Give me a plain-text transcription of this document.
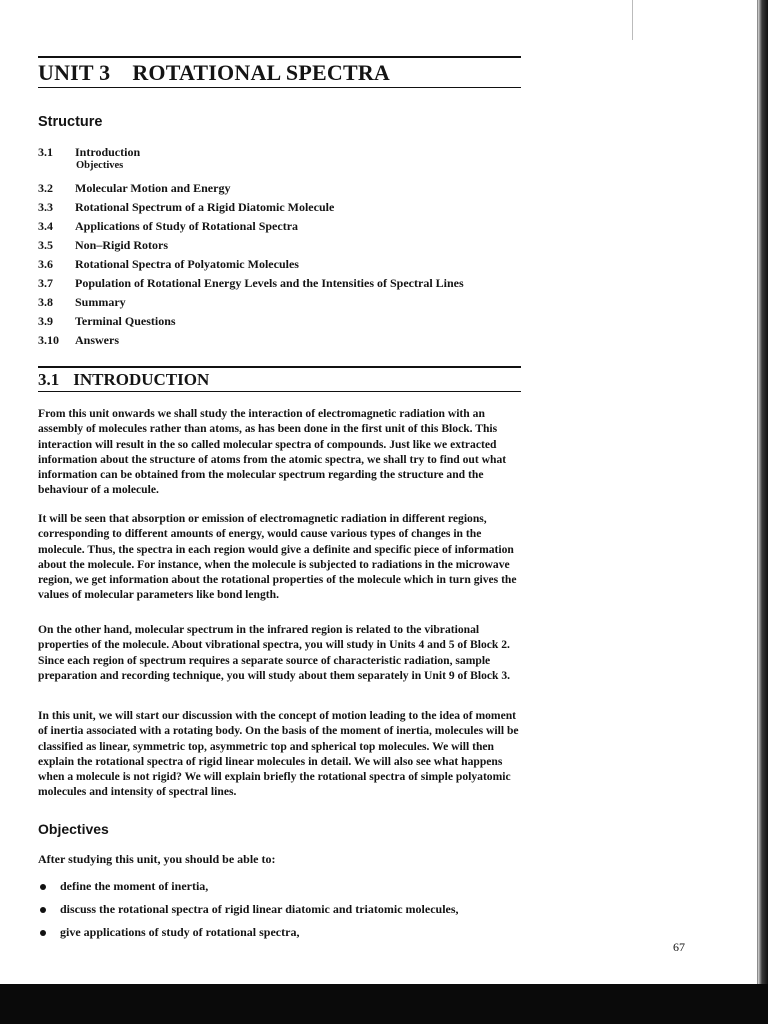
UNIT 3 ROTATIONAL SPECTRA
Structure
3.1 Introduction
Objectives
3.2 Molecular Motion and Energy
3.3 Rotational Spectrum of a Rigid Diatomic Molecule
3.4 Applications of Study of Rotational Spectra
3.5 Non–Rigid Rotors
3.6 Rotational Spectra of Polyatomic Molecules
3.7 Population of Rotational Energy Levels and the Intensities of Spectral Lines
3.8 Summary
3.9 Terminal Questions
3.10 Answers
3.1 INTRODUCTION

From this unit onwards we shall study the interaction of electromagnetic radiation with an assembly of molecules rather than atoms, as has been done in the first unit of this Block. This interaction will result in the so called molecular spectra of compounds. Just like we extracted information about the structure of atoms from the atomic spectra, we shall try to find out what information can be obtained from the molecular spectrum regarding the structure and the behaviour of a molecule.

It will be seen that absorption or emission of electromagnetic radiation in different regions, corresponding to different amounts of energy, would cause various types of changes in the molecule. Thus, the spectra in each region would give a definite and specific piece of information about the molecule. For instance, when the molecule is subjected to radiations in the microwave region, we get information about the rotational properties of the molecule which in turn gives the values of molecular parameters like bond length.

On the other hand, molecular spectrum in the infrared region is related to the vibrational properties of the molecule. About vibrational spectra, you will study in Units 4 and 5 of Block 2. Since each region of spectrum requires a separate source of characteristic radiation, sample preparation and recording technique, you will study about them separately in Unit 9 of Block 3.

In this unit, we will start our discussion with the concept of motion leading to the idea of moment of inertia associated with a rotating body. On the basis of the moment of inertia, molecules will be classified as linear, symmetric top, asymmetric top and spherical top molecules. We will then explain the rotational spectra of rigid linear molecules in detail. We will also see what happens when a molecule is not rigid? We will explain briefly the rotational spectra of simple polyatomic molecules and intensity of spectral lines.

Objectives

After studying this unit, you should be able to:

define the moment of inertia,
discuss the rotational spectra of rigid linear diatomic and triatomic molecules,
give applications of study of rotational spectra,

67
